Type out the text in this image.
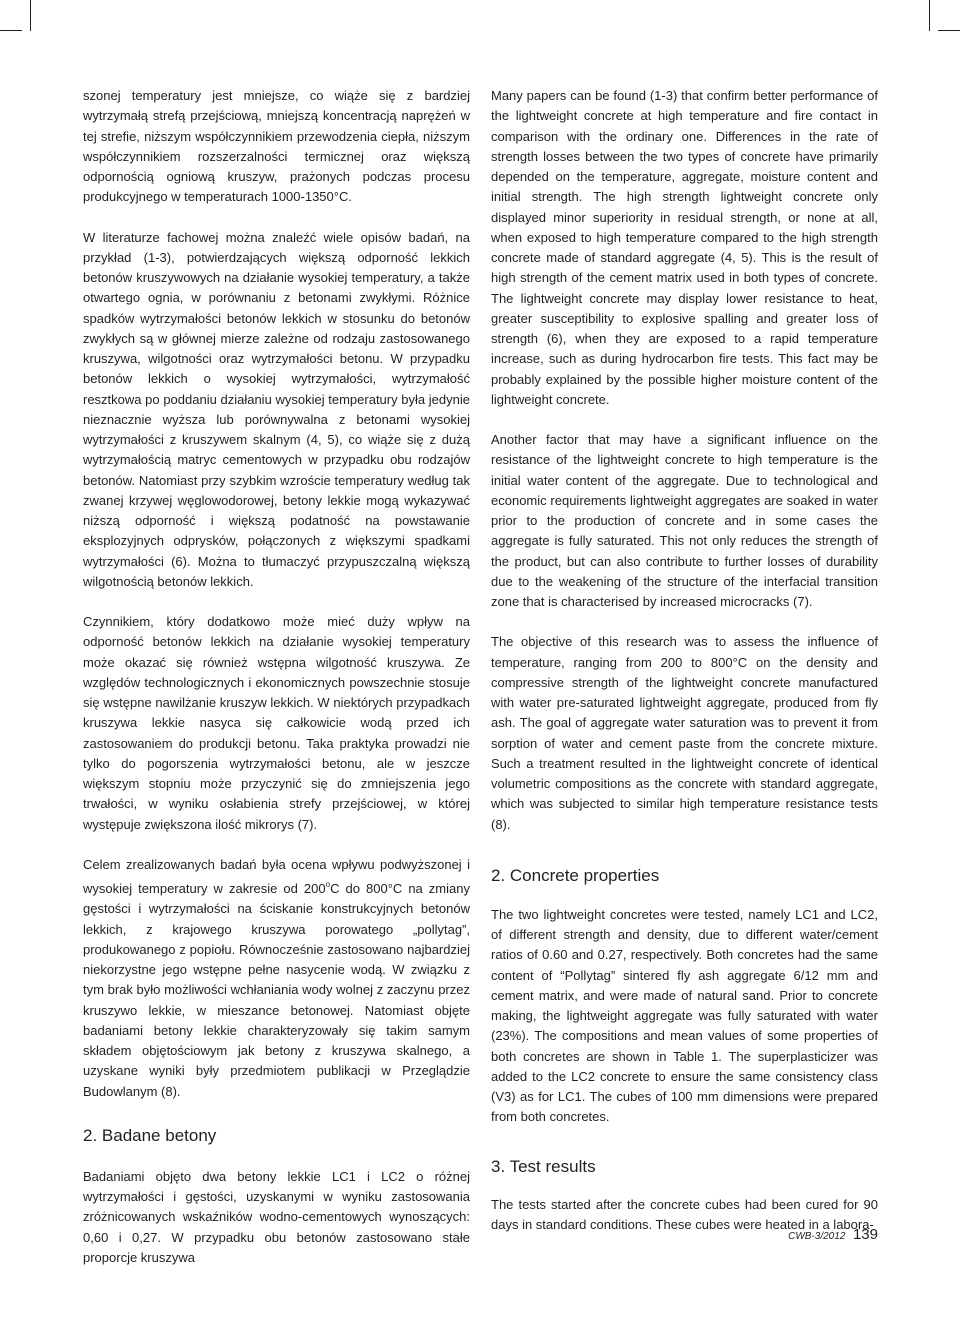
szonej temperatury jest mniejsze, co wiąże się z bardziej wytrzymałą strefą przejściową, mniejszą koncentracją naprężeń w tej strefie, niższym współczynnikiem przewodzenia ciepła, niższym współczynnikiem rozszerzalności termicznej oraz większą odpornością ogniową kruszyw, prażonych podczas procesu produkcyjnego w temperaturach 1000-1350°C.

W literaturze fachowej można znaleźć wiele opisów badań, na przykład (1-3), potwierdzających większą odporność lekkich betonów kruszywowych na działanie wysokiej temperatury, a także otwartego ognia, w porównaniu z betonami zwykłymi. Różnice spadków wytrzymałości betonów lekkich w stosunku do betonów zwykłych są w głównej mierze zależne od rodzaju zastosowanego kruszywa, wilgotności oraz wytrzymałości betonu. W przypadku betonów lekkich o wysokiej wytrzymałości, wytrzymałość resztkowa po poddaniu działaniu wysokiej temperatury była jedynie nieznacznie wyższa lub porównywalna z betonami wysokiej wytrzymałości z kruszywem skalnym (4, 5), co wiąże się z dużą wytrzymałością matryc cementowych w przypadku obu rodzajów betonów. Natomiast przy szybkim wzroście temperatury według tak zwanej krzywej węglowodorowej, betony lekkie mogą wykazywać niższą odporność i większą podatność na powstawanie eksplozyjnych odprysków, połączonych z większymi spadkami wytrzymałości (6). Można to tłumaczyć przypuszczalną większą wilgotnością betonów lekkich.

Czynnikiem, który dodatkowo może mieć duży wpływ na odporność betonów lekkich na działanie wysokiej temperatury może okazać się również wstępna wilgotność kruszywa. Ze względów technologicznych i ekonomicznych powszechnie stosuje się wstępne nawilżanie kruszyw lekkich. W niektórych przypadkach kruszywa lekkie nasyca się całkowicie wodą przed ich zastosowaniem do produkcji betonu. Taka praktyka prowadzi nie tylko do pogorszenia wytrzymałości betonu, ale w jeszcze większym stopniu może przyczynić się do zmniejszenia jego trwałości, w wyniku osłabienia strefy przejściowej, w której występuje zwiększona ilość mikrorys (7).

Celem zrealizowanych badań była ocena wpływu podwyższonej i wysokiej temperatury w zakresie od 200$^o$C do 800°C na zmiany gęstości i wytrzymałości na ściskanie konstrukcyjnych betonów lekkich, z krajowego kruszywa porowatego „pollytag”, produkowanego z popiołu. Równocześnie zastosowano najbardziej niekorzystne jego wstępne pełne nasycenie wodą. W związku z tym brak było możliwości wchłaniania wody wolnej z zaczynu przez kruszywo lekkie, w mieszance betonowej. Natomiast objęte badaniami betony lekkie charakteryzowały się takim samym składem objętościowym jak betony z kruszywa skalnego, a uzyskane wyniki były przedmiotem publikacji w Przeglądzie Budowlanym (8).

2. Badane betony

Badaniami objęto dwa betony lekkie LC1 i LC2 o różnej wytrzymałości i gęstości, uzyskanymi w wyniku zastosowania zróżnicowanych wskaźników wodno-cementowych wynoszących: 0,60 i 0,27. W przypadku obu betonów zastosowano stałe proporcje kruszywa

Many papers can be found (1-3) that confirm better performance of the lightweight concrete at high temperature and fire contact in comparison with the ordinary one. Differences in the rate of strength losses between the two types of concrete have primarily depended on the temperature, aggregate, moisture content and initial strength. The high strength lightweight concrete only displayed minor superiority in residual strength, or none at all, when exposed to high temperature compared to the high strength concrete made of standard aggregate (4, 5). This is the result of high strength of the cement matrix used in both types of concrete. The lightweight concrete may display lower resistance to heat, greater susceptibility to explosive spalling and greater loss of strength (6), when they are exposed to a rapid temperature increase, such as during hydrocarbon fire tests. This fact may be probably explained by the possible higher moisture content of the lightweight concrete.

Another factor that may have a significant influence on the resistance of the lightweight concrete to high temperature is the initial water content of the aggregate. Due to technological and economic requirements lightweight aggregates are soaked in water prior to the production of concrete and in some cases the aggregate is fully saturated. This not only reduces the strength of the product, but can also contribute to further losses of durability due to the weakening of the structure of the interfacial transition zone that is characterised by increased microcracks (7).

The objective of this research was to assess the influence of temperature, ranging from 200 to 800°C on the density and compressive strength of the lightweight concrete manufactured with water pre-saturated lightweight aggregate, produced from fly ash. The goal of aggregate water saturation was to prevent it from sorption of water and cement paste from the concrete mixture. Such a treatment resulted in the lightweight concrete of identical volumetric compositions as the concrete with standard aggregate, which was subjected to similar high temperature resistance tests (8).

2. Concrete properties

The two lightweight concretes were tested, namely LC1 and LC2, of different strength and density, due to different water/cement ratios of 0.60 and 0.27, respectively. Both concretes had the same content of “Pollytag” sintered fly ash aggregate 6/12 mm and cement matrix, and were made of natural sand. Prior to concrete making, the lightweight aggregate was fully saturated with water (23%). The compositions and mean values of some properties of both concretes are shown in Table 1. The superplasticizer was added to the LC2 concrete to ensure the same consistency class (V3) as for LC1. The cubes of 100 mm dimensions were prepared from both concretes.

3. Test results

The tests started after the concrete cubes had been cured for 90 days in standard conditions. These cubes were heated in a labora-

CWB-3/2012 139
